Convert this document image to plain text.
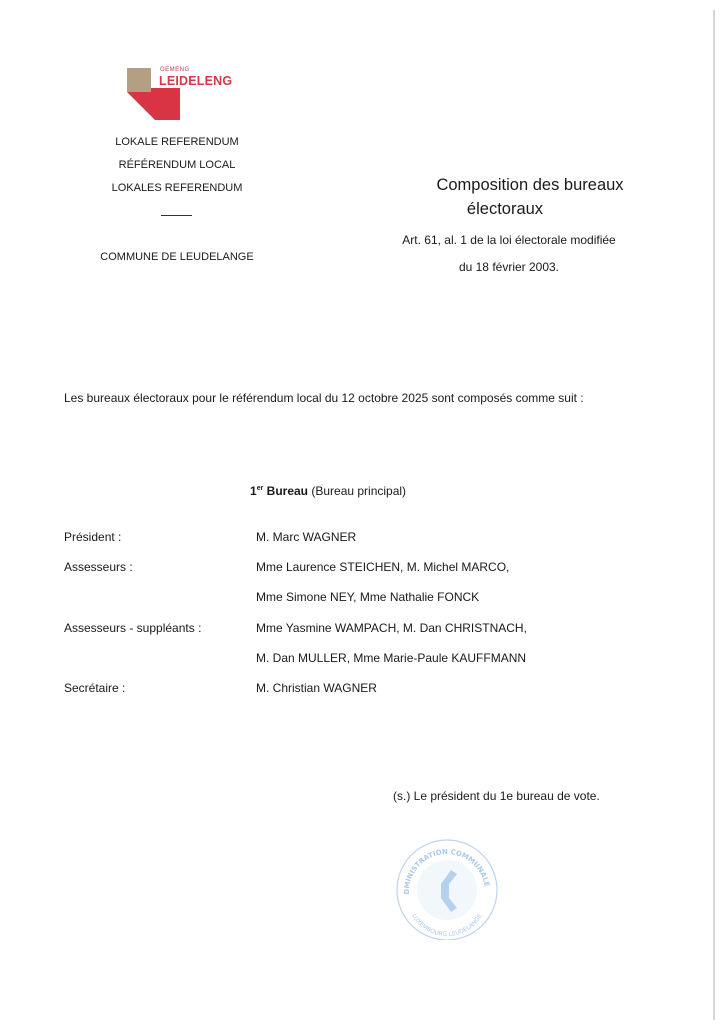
GEMENG
LEIDELENG
LOKALE REFERENDUM
RÉFÉRENDUM LOCAL
LOKALES REFERENDUM
COMMUNE DE LEUDELANGE
Composition des bureaux
électoraux
Art. 61, al. 1 de la loi électorale modifiée
du 18 février 2003.
Les bureaux électoraux pour le référendum local du 12 octobre 2025 sont composés comme suit :
1er Bureau (Bureau principal)
Président :	M. Marc WAGNER
Assesseurs :	Mme Laurence STEICHEN, M. Michel MARCO,
Mme Simone NEY, Mme Nathalie FONCK
Assesseurs - suppléants :	Mme Yasmine WAMPACH, M. Dan CHRISTNACH,
M. Dan MULLER, Mme Marie-Paule KAUFFMANN
Secrétaire :	M. Christian WAGNER
(s.) Le président du 1e bureau de vote.
DMINISTRATION COMMUNALE
LUXEMBOURG LEUDELANGE
